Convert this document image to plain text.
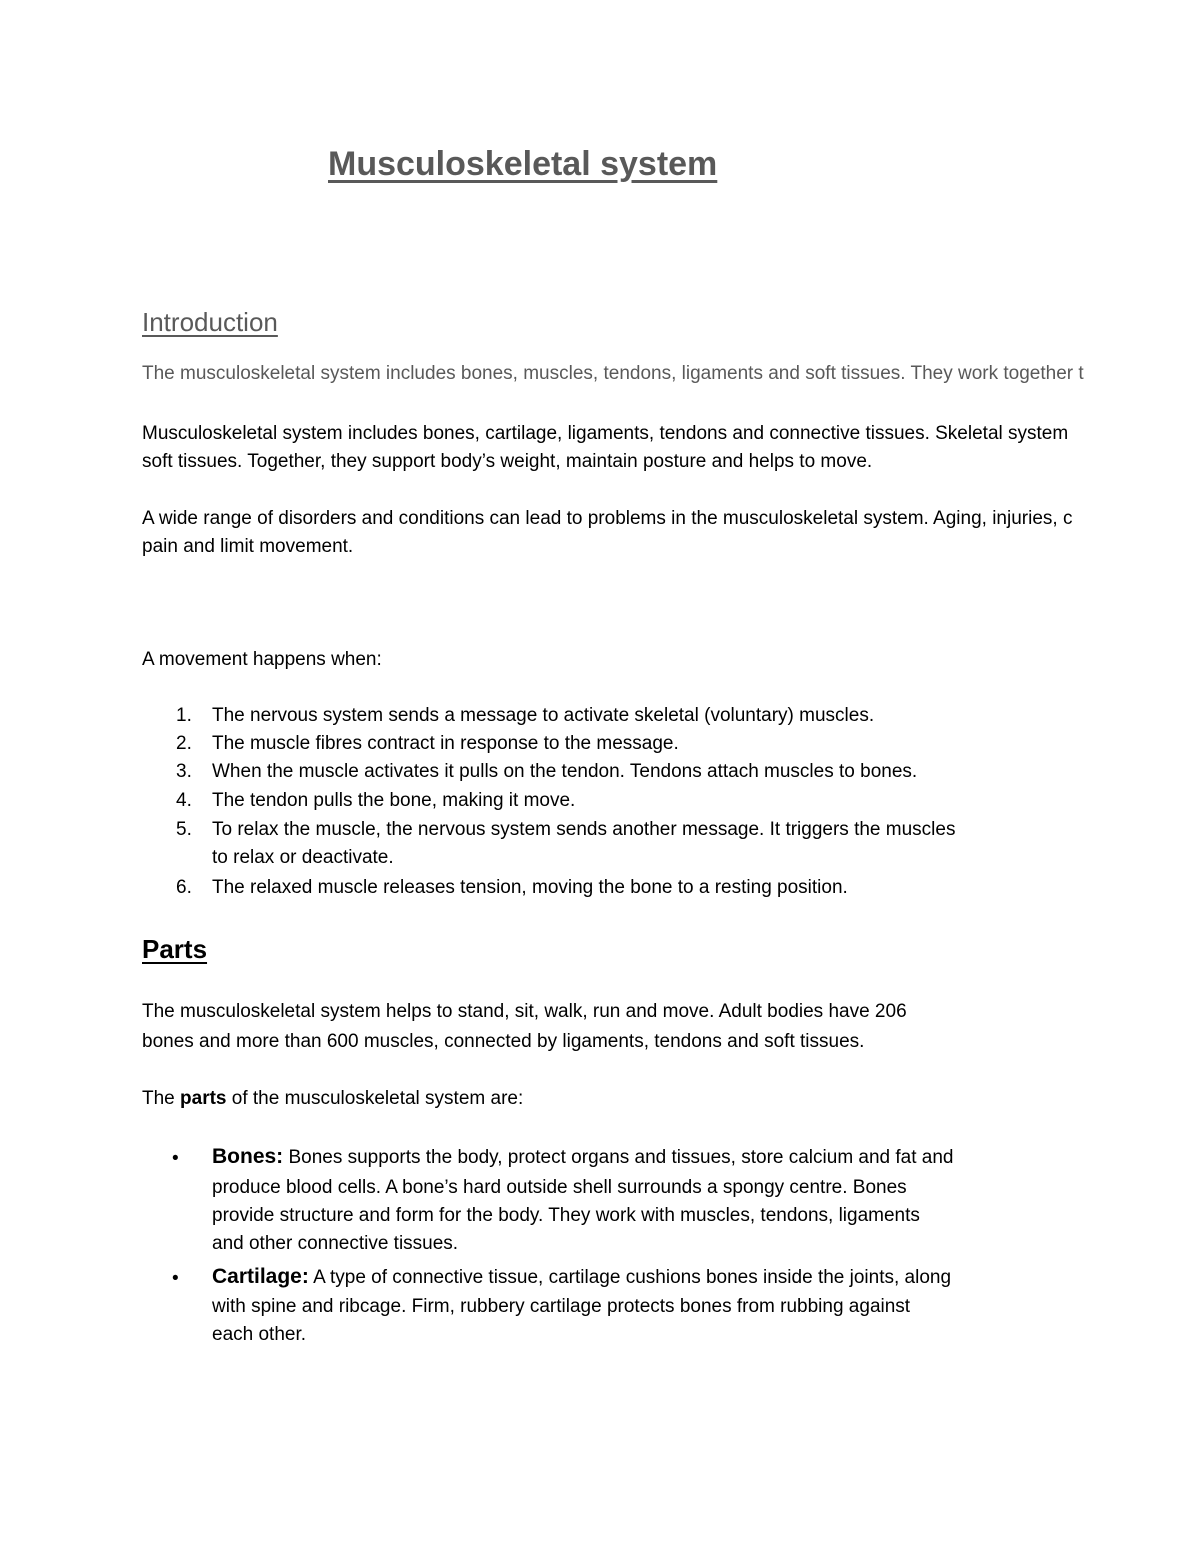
Musculoskeletal system
Introduction

The musculoskeletal system includes bones, muscles, tendons, ligaments and soft tissues. They work together t

Musculoskeletal system includes bones, cartilage, ligaments, tendons and connective tissues. Skeletal system

soft tissues. Together, they support body’s weight, maintain posture and helps to move.

A wide range of disorders and conditions can lead to problems in the musculoskeletal system. Aging, injuries, c

pain and limit movement.

A movement happens when:

1. The nervous system sends a message to activate skeletal (voluntary) muscles.
2. The muscle fibres contract in response to the message.
3. When the muscle activates it pulls on the tendon. Tendons attach muscles to bones.
4. The tendon pulls the bone, making it move.
5. To relax the muscle, the nervous system sends another message. It triggers the muscles
to relax or deactivate.
6. The relaxed muscle releases tension, moving the bone to a resting position.
Parts

The musculoskeletal system helps to stand, sit, walk, run and move. Adult bodies have 206

bones and more than 600 muscles, connected by ligaments, tendons and soft tissues.

The parts of the musculoskeletal system are:

• Bones: Bones supports the body, protect organs and tissues, store calcium and fat and
produce blood cells. A bone’s hard outside shell surrounds a spongy centre. Bones
provide structure and form for the body. They work with muscles, tendons, ligaments
and other connective tissues.
• Cartilage: A type of connective tissue, cartilage cushions bones inside the joints, along
with spine and ribcage. Firm, rubbery cartilage protects bones from rubbing against
each other.
